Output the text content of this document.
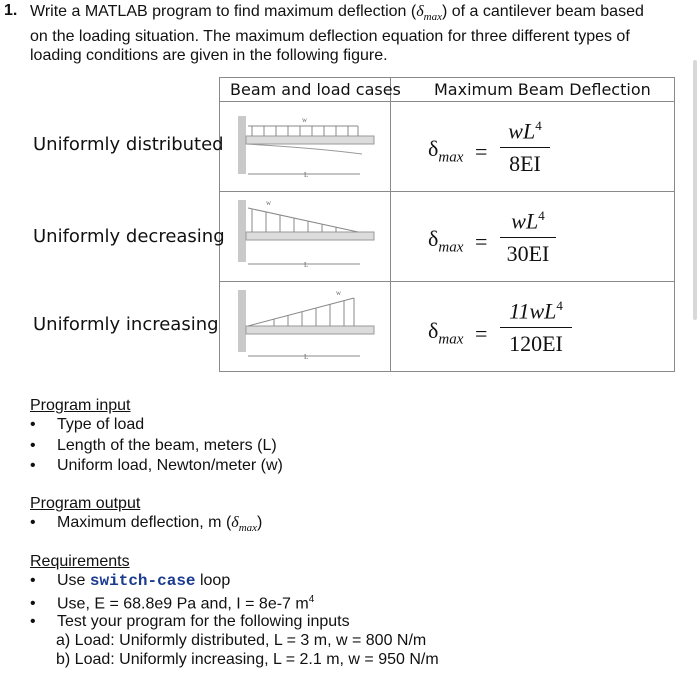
1. Write a MATLAB program to find maximum deflection $(\delta_{max})$ of a cantilever beam based

on the loading situation. The maximum deflection equation for three different types of

loading conditions are given in the following figure.

Beam and load cases Maximum Beam Deflection
Uniformly distributed
Uniformly decreasing
Uniformly increasing
w
L
w
L
w
L
$\delta_{max}$ =
$wL^4$
8EI
$\delta_{max}$ =
$wL^4$
30EI
$\delta_{max}$ =
$11wL^4$
120EI
Program input
• Type of load
• Length of the beam, meters (L)
• Uniform load, Newton/meter (w)
Program output
• Maximum deflection, m $(\delta_{max})$
Requirements
• Use switch-case loop
• Use, E = 68.8e9 Pa and, I = 8e-7 $m^4$
• Test your program for the following inputs
a) Load: Uniformly distributed, L = 3 m, w = 800 N/m
b) Load: Uniformly increasing, L = 2.1 m, w = 950 N/m
